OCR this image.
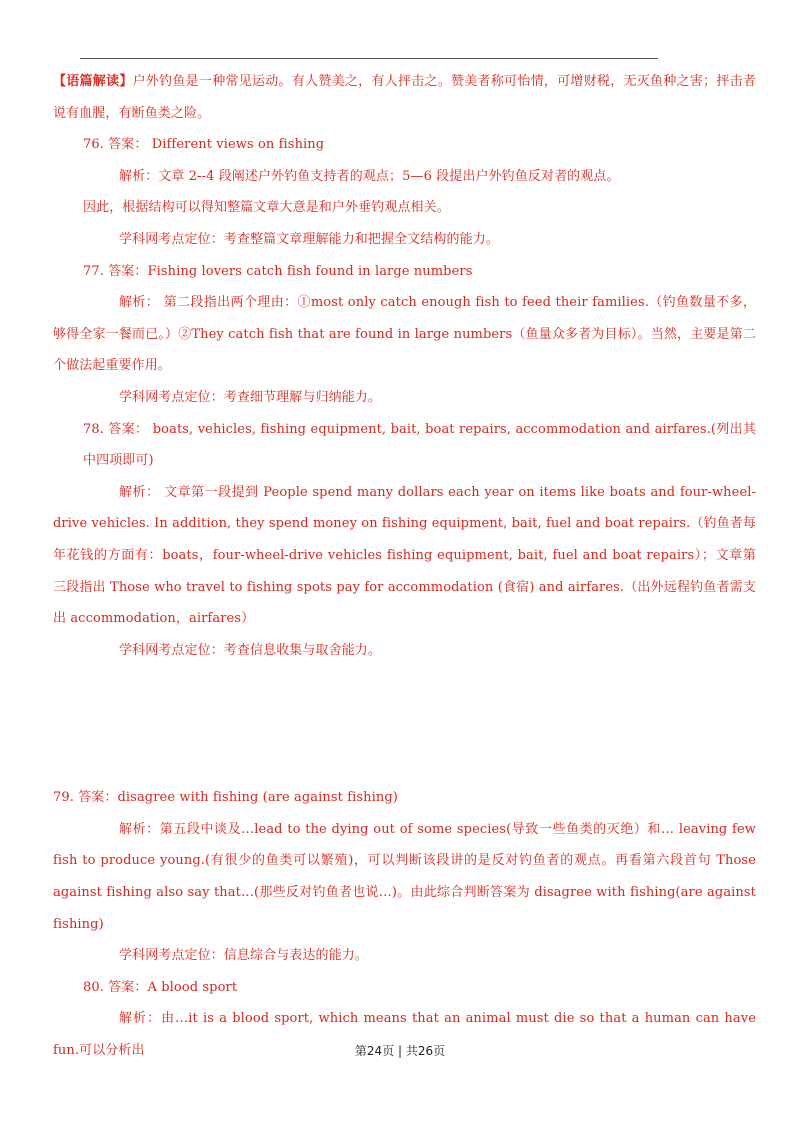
【语篇解读】户外钓鱼是一种常见运动。有人赞美之，有人抨击之。赞美者称可怡情，可增财税，无灭鱼种之害；抨击者说有血腥，有断鱼类之险。

76. 答案： Different views on fishing

解析：文章 2--4 段阐述户外钓鱼支持者的观点；5—6 段提出户外钓鱼反对者的观点。

因此，根据结构可以得知整篇文章大意是和户外垂钓观点相关。

学科网考点定位：考查整篇文章理解能力和把握全文结构的能力。

77. 答案：Fishing lovers catch fish found in large numbers

解析： 第二段指出两个理由：①most only catch enough fish to feed their families.（钓鱼数量不多，够得全家一餐而已。）②They catch fish that are found in large numbers（鱼量众多者为目标）。当然，主要是第二个做法起重要作用。

学科网考点定位：考查细节理解与归纳能力。

78. 答案： boats, vehicles, fishing equipment, bait, boat repairs, accommodation and airfares.(列出其中四项即可)

解析： 文章第一段提到 People spend many dollars each year on items like boats and four-wheel-drive vehicles. In addition, they spend money on fishing equipment, bait, fuel and boat repairs.（钓鱼者每年花钱的方面有：boats，four-wheel-drive vehicles fishing equipment, bait, fuel and boat repairs）；文章第三段指出 Those who travel to fishing spots pay for accommodation (食宿) and airfares.（出外远程钓鱼者需支出 accommodation，airfares）

学科网考点定位：考查信息收集与取舍能力。

79. 答案：disagree with fishing (are against fishing)

解析：第五段中谈及…lead to the dying out of some species(导致一些鱼类的灭绝）和… leaving few fish to produce young.(有很少的鱼类可以繁殖)，可以判断该段讲的是反对钓鱼者的观点。再看第六段首句 Those against fishing also say that…(那些反对钓鱼者也说…)。由此综合判断答案为 disagree with fishing(are against fishing)

学科网考点定位：信息综合与表达的能力。

80. 答案：A blood sport

解析：由…it is a blood sport, which means that an animal must die so that a human can have fun.可以分析出	第24页 | 共26页
